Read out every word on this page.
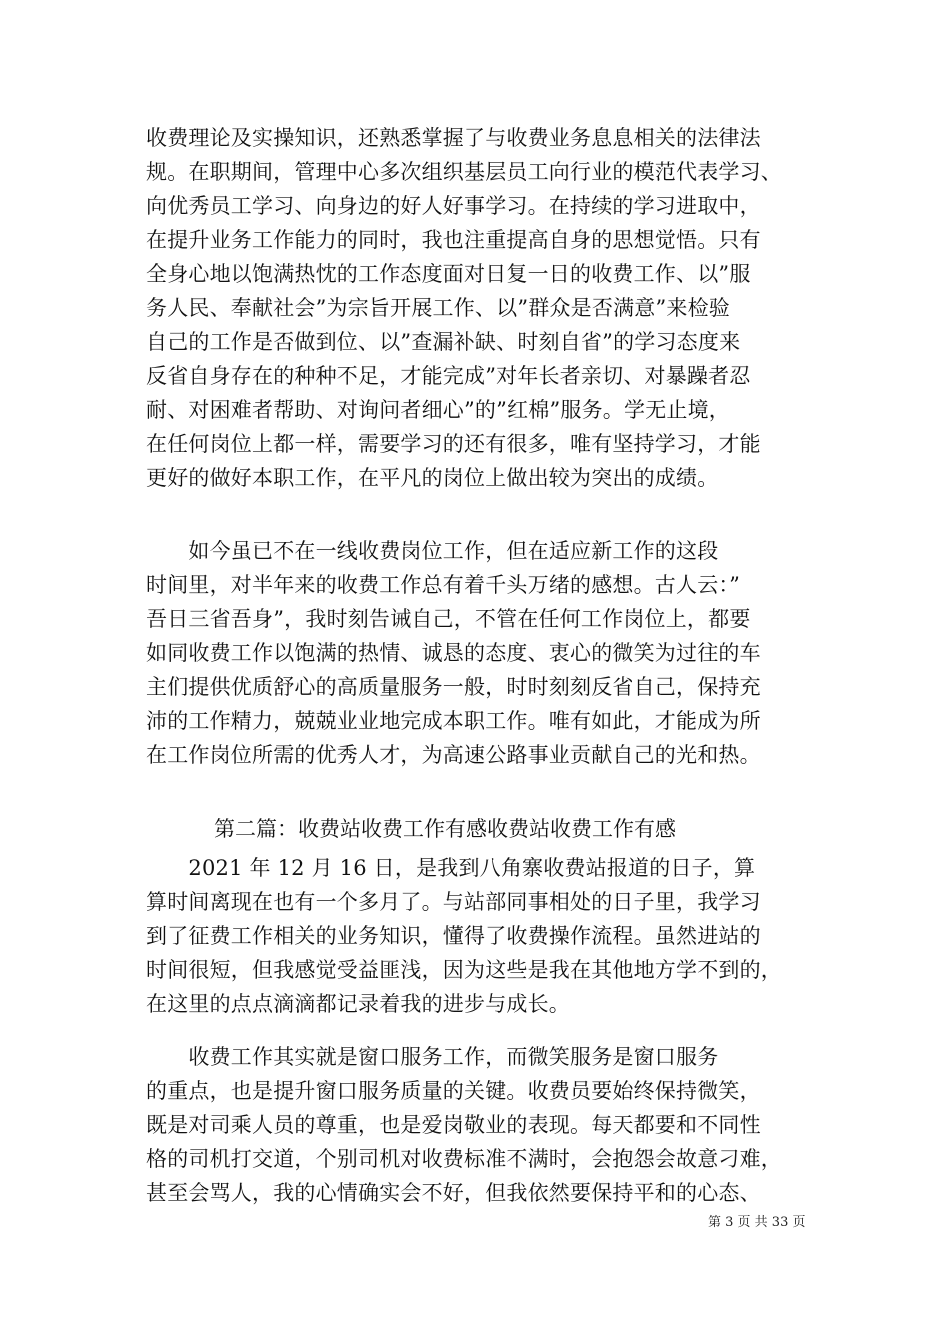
收费理论及实操知识，还熟悉掌握了与收费业务息息相关的法律法
规。在职期间，管理中心多次组织基层员工向行业的模范代表学习、
向优秀员工学习、向身边的好人好事学习。在持续的学习进取中，
在提升业务工作能力的同时，我也注重提高自身的思想觉悟。只有
全身心地以饱满热忱的工作态度面对日复一日的收费工作、以”服
务人民、奉献社会”为宗旨开展工作、以”群众是否满意”来检验
自己的工作是否做到位、以”查漏补缺、时刻自省”的学习态度来
反省自身存在的种种不足，才能完成”对年长者亲切、对暴躁者忍
耐、对困难者帮助、对询问者细心”的”红棉”服务。学无止境，
在任何岗位上都一样，需要学习的还有很多，唯有坚持学习，才能
更好的做好本职工作，在平凡的岗位上做出较为突出的成绩。
　　如今虽已不在一线收费岗位工作，但在适应新工作的这段
时间里，对半年来的收费工作总有着千头万绪的感想。古人云：”
吾日三省吾身”，我时刻告诫自己，不管在任何工作岗位上，都要
如同收费工作以饱满的热情、诚恳的态度、衷心的微笑为过往的车
主们提供优质舒心的高质量服务一般，时时刻刻反省自己，保持充
沛的工作精力，兢兢业业地完成本职工作。唯有如此，才能成为所
在工作岗位所需的优秀人才，为高速公路事业贡献自己的光和热。
第二篇：收费站收费工作有感收费站收费工作有感
　　2021 年 12 月 16 日，是我到八角寨收费站报道的日子，算
算时间离现在也有一个多月了。与站部同事相处的日子里，我学习
到了征费工作相关的业务知识，懂得了收费操作流程。虽然进站的
时间很短，但我感觉受益匪浅，因为这些是我在其他地方学不到的，
在这里的点点滴滴都记录着我的进步与成长。
　　收费工作其实就是窗口服务工作，而微笑服务是窗口服务
的重点，也是提升窗口服务质量的关键。收费员要始终保持微笑，
既是对司乘人员的尊重，也是爱岗敬业的表现。每天都要和不同性
格的司机打交道，个别司机对收费标准不满时，会抱怨会故意刁难，
甚至会骂人，我的心情确实会不好，但我依然要保持平和的心态、
第 3 页 共 33 页
